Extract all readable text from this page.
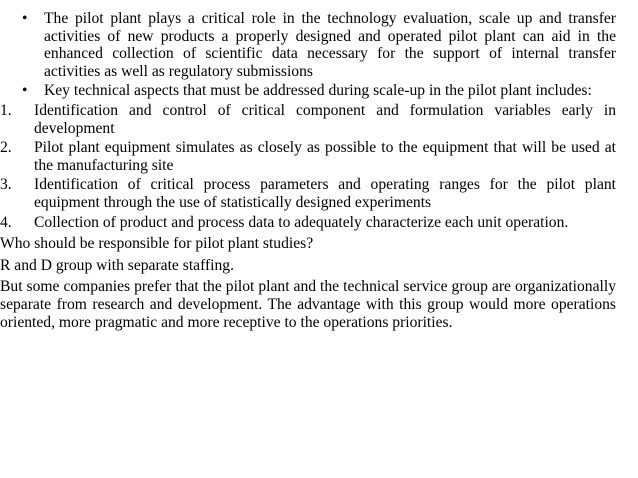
•	The pilot plant plays a critical role in the technology evaluation, scale up and transfer activities of new products a properly designed and operated pilot plant can aid in the enhanced collection of scientific data necessary for the support of internal transfer activities as well as regulatory submissions
•	Key technical aspects that must be addressed during scale-up in the pilot plant includes:
1.	Identification and control of critical component and formulation variables early in development
2.	Pilot plant equipment simulates as closely as possible to the equipment that will be used at the manufacturing site
3.	Identification of critical process parameters and operating ranges for the pilot plant equipment through the use of statistically designed experiments
4.	Collection of product and process data to adequately characterize each unit operation.
Who should be responsible for pilot plant studies?
R and D group with separate staffing.
But some companies prefer that the pilot plant and the technical service group are organizationally separate from research and development. The advantage with this group would more operations oriented, more pragmatic and more receptive to the operations priorities.
